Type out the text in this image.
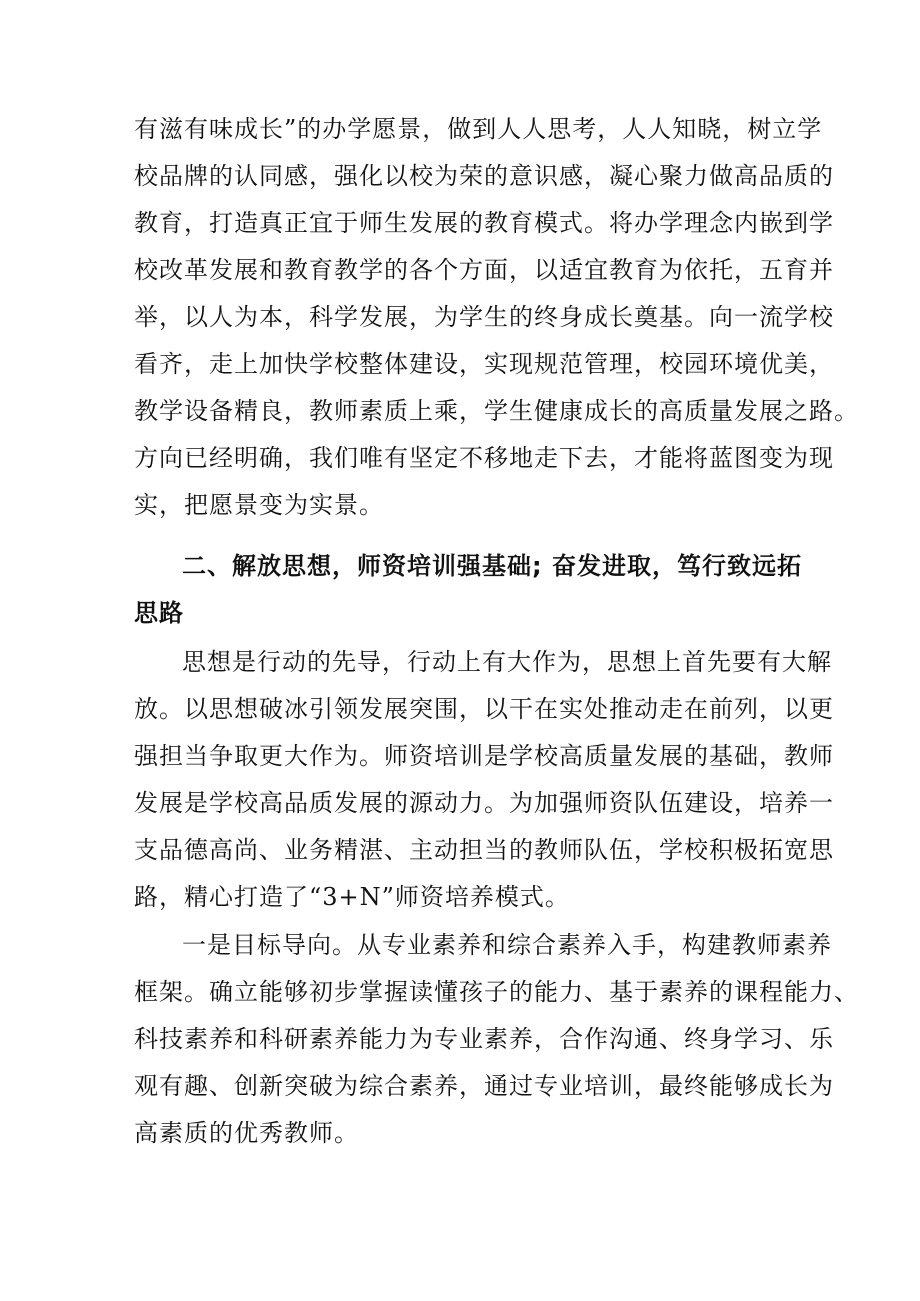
有滋有味成长”的办学愿景，做到人人思考，人人知晓，树立学
校品牌的认同感，强化以校为荣的意识感，凝心聚力做高品质的
教育，打造真正宜于师生发展的教育模式。将办学理念内嵌到学
校改革发展和教育教学的各个方面，以适宜教育为依托，五育并
举，以人为本，科学发展，为学生的终身成长奠基。向一流学校
看齐，走上加快学校整体建设，实现规范管理，校园环境优美，
教学设备精良，教师素质上乘，学生健康成长的高质量发展之路。
方向已经明确，我们唯有坚定不移地走下去，才能将蓝图变为现
实，把愿景变为实景。
二、解放思想，师资培训强基础; 奋发进取，笃行致远拓
思路
思想是行动的先导，行动上有大作为，思想上首先要有大解
放。以思想破冰引领发展突围，以干在实处推动走在前列，以更
强担当争取更大作为。师资培训是学校高质量发展的基础，教师
发展是学校高品质发展的源动力。为加强师资队伍建设，培养一
支品德高尚、业务精湛、主动担当的教师队伍，学校积极拓宽思
路，精心打造了“3+N”师资培养模式。
一是目标导向。从专业素养和综合素养入手，构建教师素养
框架。确立能够初步掌握读懂孩子的能力、基于素养的课程能力、
科技素养和科研素养能力为专业素养，合作沟通、终身学习、乐
观有趣、创新突破为综合素养，通过专业培训，最终能够成长为
高素质的优秀教师。
